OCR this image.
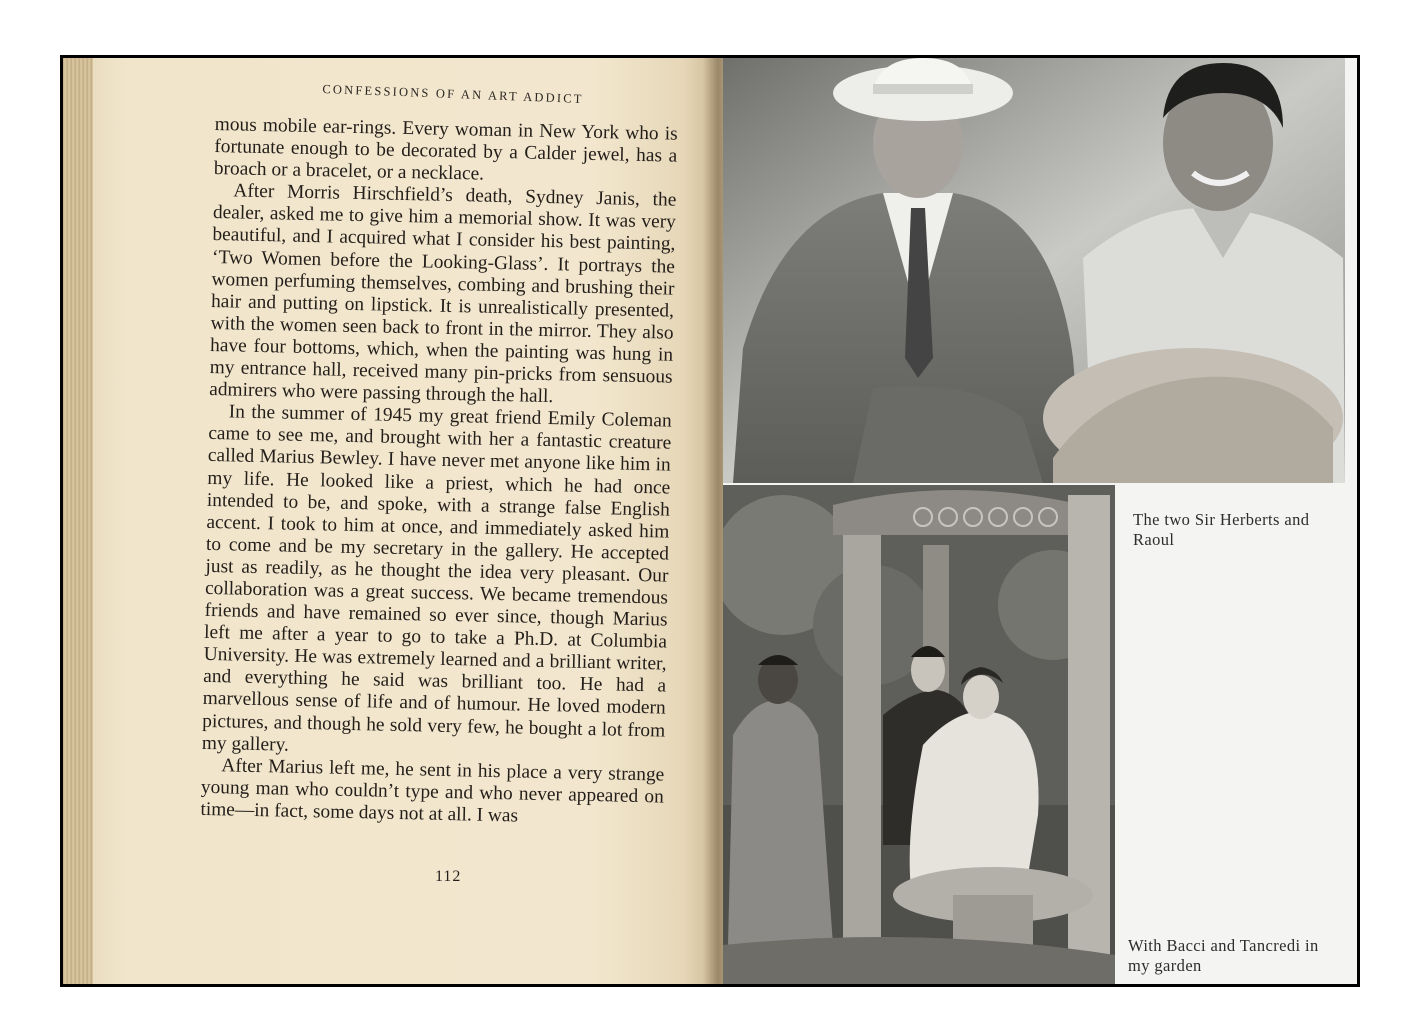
CONFESSIONS OF AN ART ADDICT

mous mobile ear-rings. Every woman in New York who is fortunate enough to be decorated by a Calder jewel, has a broach or a bracelet, or a necklace.

After Morris Hirschfield’s death, Sydney Janis, the dealer, asked me to give him a memorial show. It was very beautiful, and I acquired what I consider his best painting, ‘Two Women before the Looking-Glass’. It portrays the women perfuming themselves, combing and brushing their hair and putting on lipstick. It is unrealistically presented, with the women seen back to front in the mirror. They also have four bottoms, which, when the painting was hung in my entrance hall, received many pin-pricks from sensuous admirers who were passing through the hall.

In the summer of 1945 my great friend Emily Coleman came to see me, and brought with her a fantastic creature called Marius Bewley. I have never met anyone like him in my life. He looked like a priest, which he had once intended to be, and spoke, with a strange false English accent. I took to him at once, and immediately asked him to come and be my secretary in the gallery. He accepted just as readily, as he thought the idea very pleasant. Our collaboration was a great success. We became tremendous friends and have remained so ever since, though Marius left me after a year to go to take a Ph.D. at Columbia University. He was extremely learned and a brilliant writer, and everything he said was brilliant too. He had a marvellous sense of life and of humour. He loved modern pictures, and though he sold very few, he bought a lot from my gallery.

After Marius left me, he sent in his place a very strange young man who couldn’t type and who never appeared on time—in fact, some days not at all. I was

112
The two Sir Herberts and Raoul
With Bacci and Tancredi in my garden
